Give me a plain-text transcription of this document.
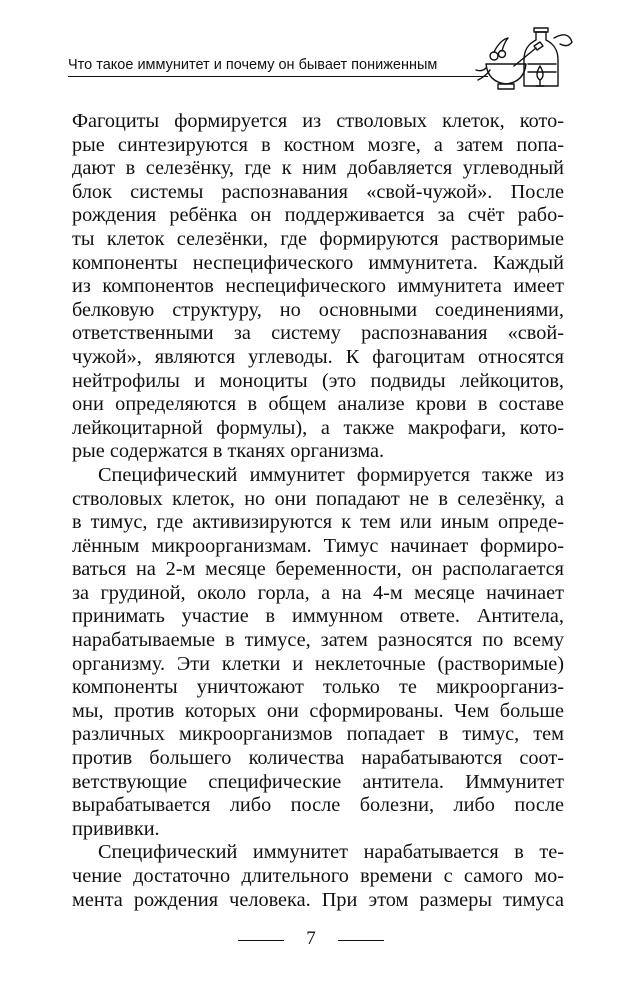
Что такое иммунитет и почему он бывает пониженным

Фагоциты формируется из стволовых клеток, кото-
рые синтезируются в костном мозге, а затем попа-
дают в селезёнку, где к ним добавляется углеводный
блок системы распознавания «свой-чужой». После
рождения ребёнка он поддерживается за счёт рабо-
ты клеток селезёнки, где формируются растворимые
компоненты неспецифического иммунитета. Каждый
из компонентов неспецифического иммунитета имеет
белковую структуру, но основными соединениями,
ответственными за систему распознавания «свой-
чужой», являются углеводы. К фагоцитам относятся
нейтрофилы и моноциты (это подвиды лейкоцитов,
они определяются в общем анализе крови в составе
лейкоцитарной формулы), а также макрофаги, кото-
рые содержатся в тканях организма.

Специфический иммунитет формируется также из
стволовых клеток, но они попадают не в селезёнку, а
в тимус, где активизируются к тем или иным опреде-
лённым микроорганизмам. Тимус начинает формиро-
ваться на 2-м месяце беременности, он располагается
за грудиной, около горла, а на 4-м месяце начинает
принимать участие в иммунном ответе. Антитела,
нарабатываемые в тимусе, затем разносятся по всему
организму. Эти клетки и неклеточные (растворимые)
компоненты уничтожают только те микроорганиз-
мы, против которых они сформированы. Чем больше
различных микроорганизмов попадает в тимус, тем
против большего количества нарабатываются соот-
ветствующие специфические антитела. Иммунитет
вырабатывается либо после болезни, либо после
прививки.

Специфический иммунитет нарабатывается в те-
чение достаточно длительного времени с самого мо-
мента рождения человека. При этом размеры тимуса

7
